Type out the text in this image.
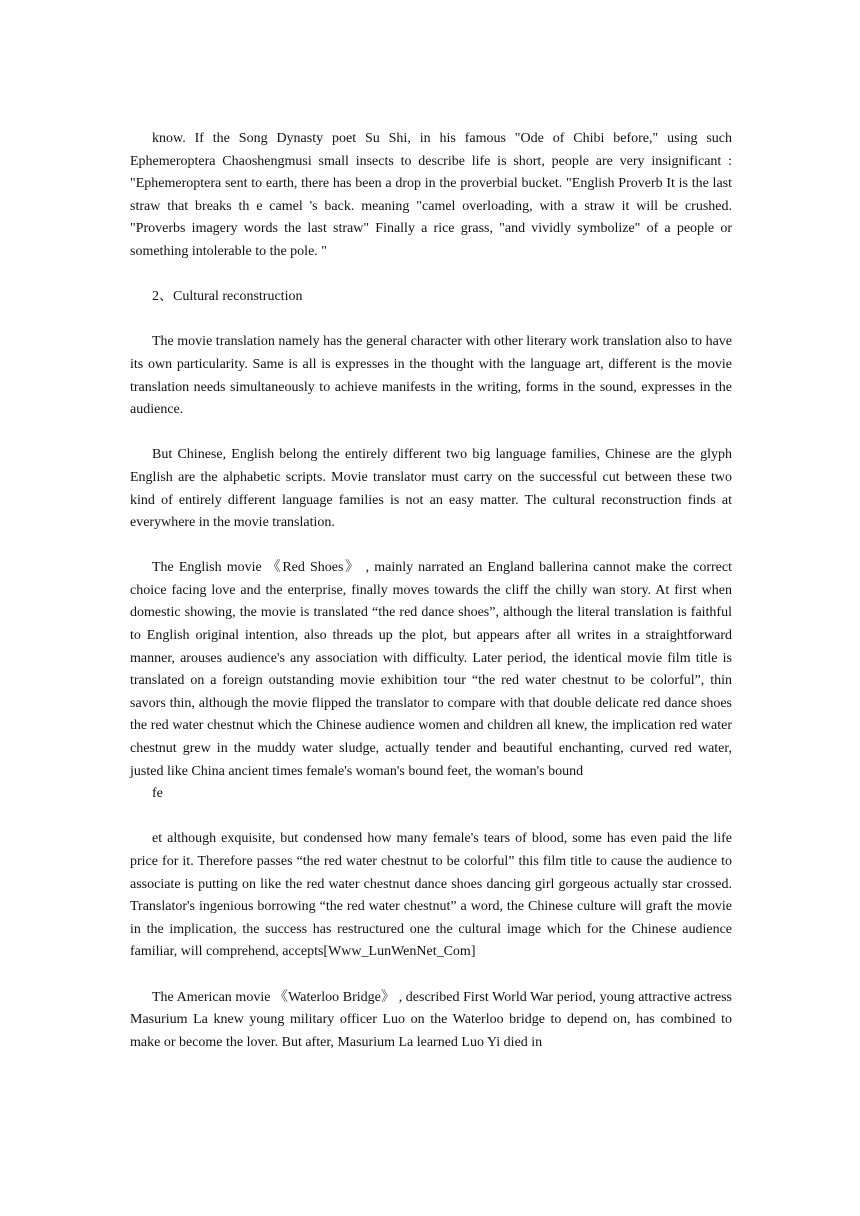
know. If the Song Dynasty poet Su Shi, in his famous "Ode of Chibi before," using such Ephemeroptera Chaoshengmusi small insects to describe life is short, people are very insignificant : "Ephemeroptera sent to earth, there has been a drop in the proverbial bucket. "English Proverb It is the last straw that breaks th e camel 's back. meaning "camel overloading, with a straw it will be crushed. "Proverbs imagery words the last straw" Finally a rice grass, "and vividly symbolize" of a people or something intolerable to the pole. "

2、Cultural reconstruction

The movie translation namely has the general character with other literary work translation also to have its own particularity. Same is all is expresses in the thought with the language art, different is the movie translation needs simultaneously to achieve manifests in the writing, forms in the sound, expresses in the audience.

But Chinese, English belong the entirely different two big language families, Chinese are the glyph English are the alphabetic scripts. Movie translator must carry on the successful cut between these two kind of entirely different language families is not an easy matter. The cultural reconstruction finds at everywhere in the movie translation.

The English movie 《Red Shoes》 , mainly narrated an England ballerina cannot make the correct choice facing love and the enterprise, finally moves towards the cliff the chilly wan story. At first when domestic showing, the movie is translated “the red dance shoes”, although the literal translation is faithful to English original intention, also threads up the plot, but appears after all writes in a straightforward manner, arouses audience's any association with difficulty. Later period, the identical movie film title is translated on a foreign outstanding movie exhibition tour “the red water chestnut to be colorful”, thin savors thin, although the movie flipped the translator to compare with that double delicate red dance shoes the red water chestnut which the Chinese audience women and children all knew, the implication red water chestnut grew in the muddy water sludge, actually tender and beautiful enchanting, curved red water, justed like China ancient times female's woman's bound feet, the woman's bound

fe

et although exquisite, but condensed how many female's tears of blood, some has even paid the life price for it. Therefore passes “the red water chestnut to be colorful” this film title to cause the audience to associate is putting on like the red water chestnut dance shoes dancing girl gorgeous actually star crossed. Translator's ingenious borrowing “the red water chestnut” a word, the Chinese culture will graft the movie in the implication, the success has restructured one the cultural image which for the Chinese audience familiar, will comprehend, accepts[Www_LunWenNet_Com]

The American movie 《Waterloo Bridge》 , described First World War period, young attractive actress Masurium La knew young military officer Luo on the Waterloo bridge to depend on, has combined to make or become the lover. But after, Masurium La learned Luo Yi died in
